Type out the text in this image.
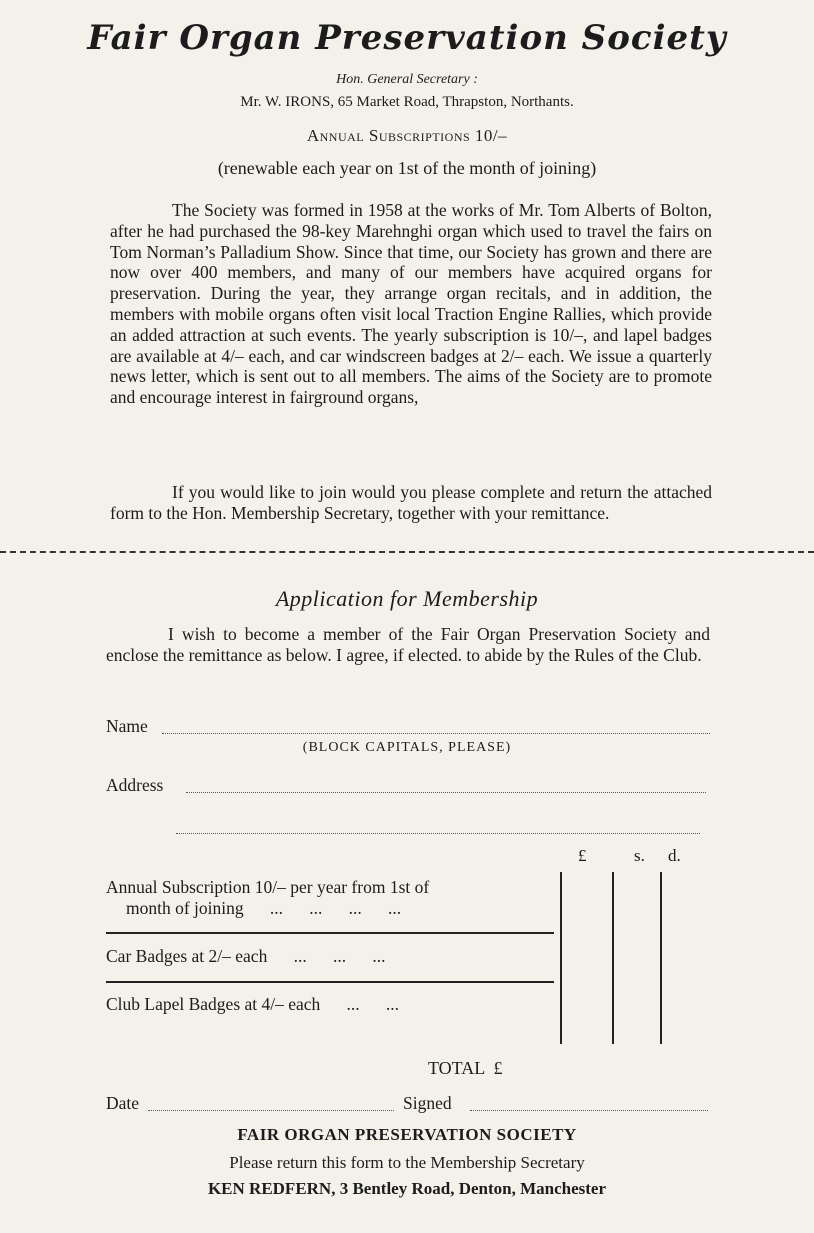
Fair Organ Preservation Society
Hon. General Secretary :
Mr. W. IRONS, 65 Market Road, Thrapston, Northants.
Annual Subscriptions 10/–
(renewable each year on 1st of the month of joining)
The Society was formed in 1958 at the works of Mr. Tom Alberts of Bolton, after he had purchased the 98-key Marehnghi organ which used to travel the fairs on Tom Norman’s Palladium Show. Since that time, our Society has grown and there are now over 400 members, and many of our members have acquired organs for preservation. During the year, they arrange organ recitals, and in addition, the members with mobile organs often visit local Traction Engine Rallies, which provide an added attraction at such events. The yearly subscription is 10/–, and lapel badges are available at 4/– each, and car windscreen badges at 2/– each. We issue a quarterly news letter, which is sent out to all members. The aims of the Society are to promote and encourage interest in fairground organs,
If you would like to join would you please complete and return the attached form to the Hon. Membership Secretary, together with your remittance.
Application for Membership
I wish to become a member of the Fair Organ Preservation Society and enclose the remittance as below. I agree, if elected. to abide by the Rules of the Club.
Name
(BLOCK CAPITALS, PLEASE)
Address
£	s. d.
Annual Subscription 10/– per year from 1st of
month of joining      ...      ...      ...      ...
Car Badges at 2/– each      ...      ...      ...
Club Lapel Badges at 4/– each      ...      ...
TOTAL  £
Date	Signed
FAIR ORGAN PRESERVATION SOCIETY
Please return this form to the Membership Secretary
KEN REDFERN, 3 Bentley Road, Denton, Manchester
